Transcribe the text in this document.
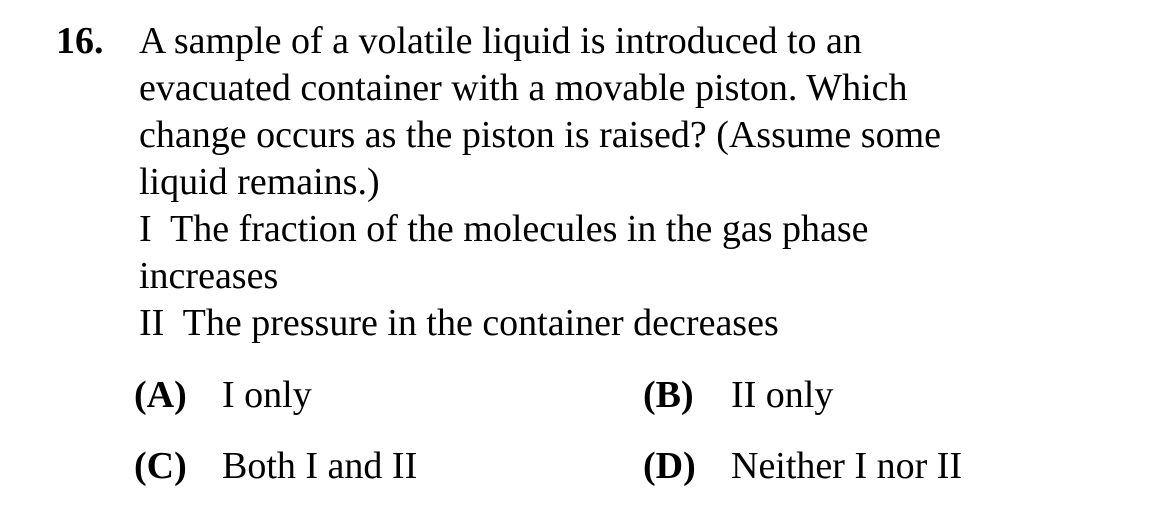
16. A sample of a volatile liquid is introduced to an
evacuated container with a movable piston. Which
change occurs as the piston is raised? (Assume some
liquid remains.)
I The fraction of the molecules in the gas phase
increases
II The pressure in the container decreases
(A) I only	(B) II only
(C) Both I and II	(D) Neither I nor II
